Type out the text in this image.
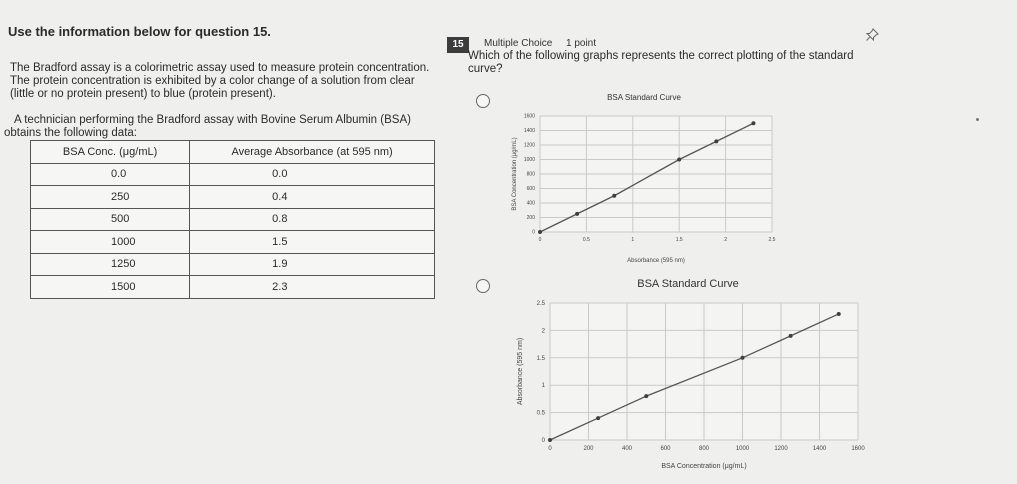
Use the information below for question 15.
The Bradford assay is a colorimetric assay used to measure protein concentration.
The protein concentration is exhibited by a color change of a solution from clear
(little or no protein present) to blue (protein present).
A technician performing the Bradford assay with Bovine Serum Albumin (BSA)
obtains the following data:
BSA Conc. (μg/mL)	Average Absorbance (at 595 nm)
0.0	0.0
250	0.4
500	0.8
1000	1.5
1250	1.9
1500	2.3
15	Multiple Choice 1 point
Which of the following graphs represents the correct plotting of the standard
curve?
BSA Standard Curve
0	0.5	1	1.5	2	2.5
0
200
400
600
800
1000
1200
1400
1600
Absorbance (595 nm)
BSA Concentration (μg/mL)
BSA Standard Curve
0	200	400	600	800	1000	1200	1400	1600
0
0.5
1
1.5
2
2.5
BSA Concentration (μg/mL)
Absorbance (595 nm)
